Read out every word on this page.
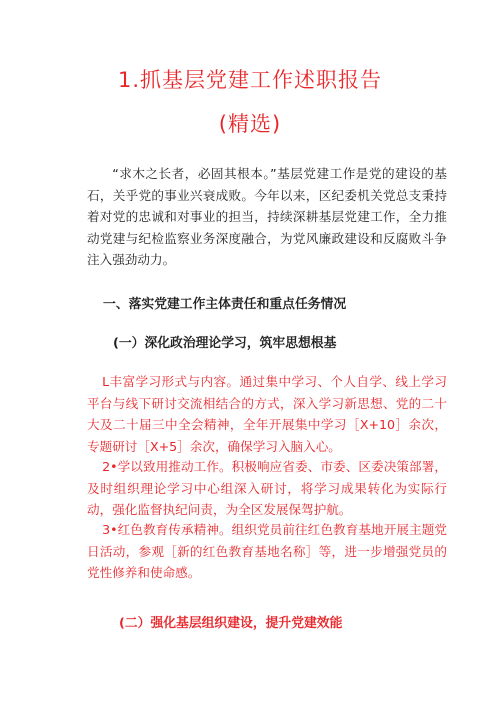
1.抓基层党建工作述职报告
(精选)

“求木之长者，必固其根本。”基层党建工作是党的建设的基石，关乎党的事业兴衰成败。今年以来，区纪委机关党总支秉持着对党的忠诚和对事业的担当，持续深耕基层党建工作，全力推动党建与纪检监察业务深度融合，为党风廉政建设和反腐败斗争注入强劲动力。

一、落实党建工作主体责任和重点任务情况

(一）深化政治理论学习，筑牢思想根基

L丰富学习形式与内容。通过集中学习、个人自学、线上学习平台与线下研讨交流相结合的方式，深入学习新思想、党的二十大及二十届三中全会精神，全年开展集中学习［X+10］余次，专题研讨［X+5］余次，确保学习入脑入心。

2•学以致用推动工作。积极响应省委、市委、区委决策部署，及时组织理论学习中心组深入研讨，将学习成果转化为实际行动，强化监督执纪问责，为全区发展保驾护航。

3•红色教育传承精神。组织党员前往红色教育基地开展主题党日活动，参观［新的红色教育基地名称］等，进一步增强党员的党性修养和使命感。

(二）强化基层组织建设，提升党建效能
